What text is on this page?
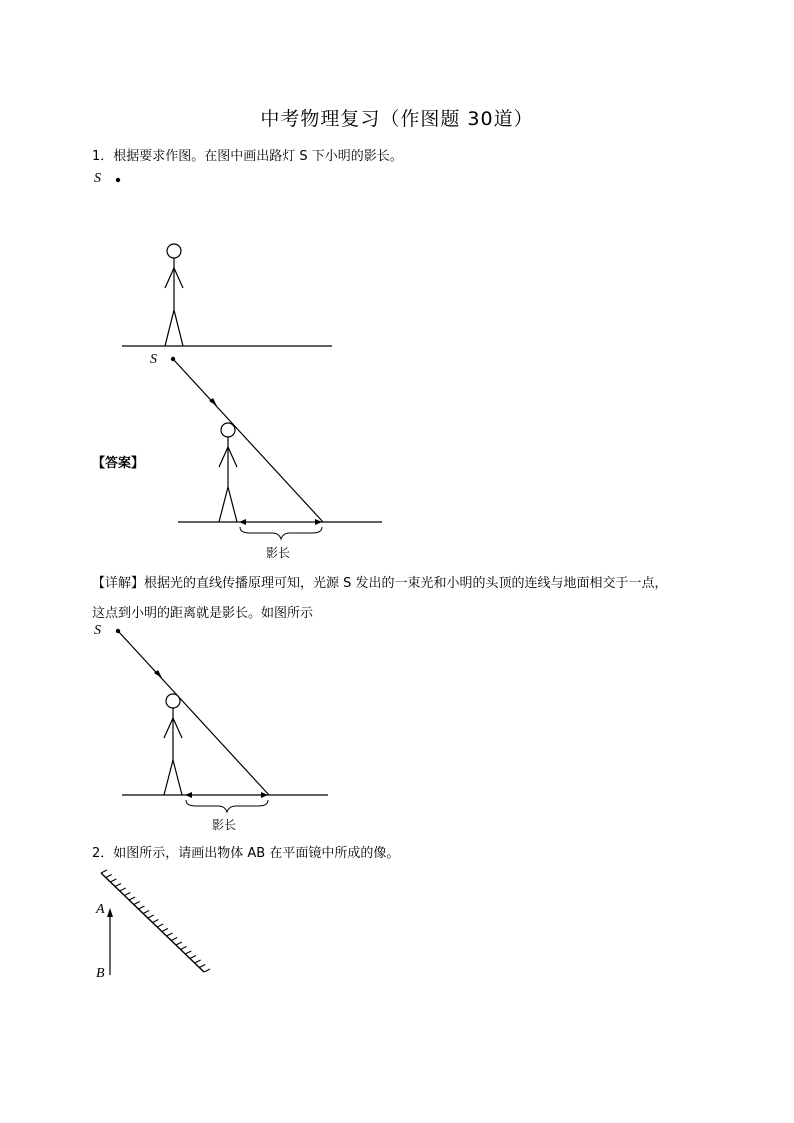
中考物理复习（作图题 30道）
1．根据要求作图。在图中画出路灯 S 下小明的影长。
S
S
【答案】
影长
【详解】根据光的直线传播原理可知，光源 S 发出的一束光和小明的头顶的连线与地面相交于一点，
这点到小明的距离就是影长。如图所示
S
影长
2．如图所示，请画出物体 AB 在平面镜中所成的像。
A
B
